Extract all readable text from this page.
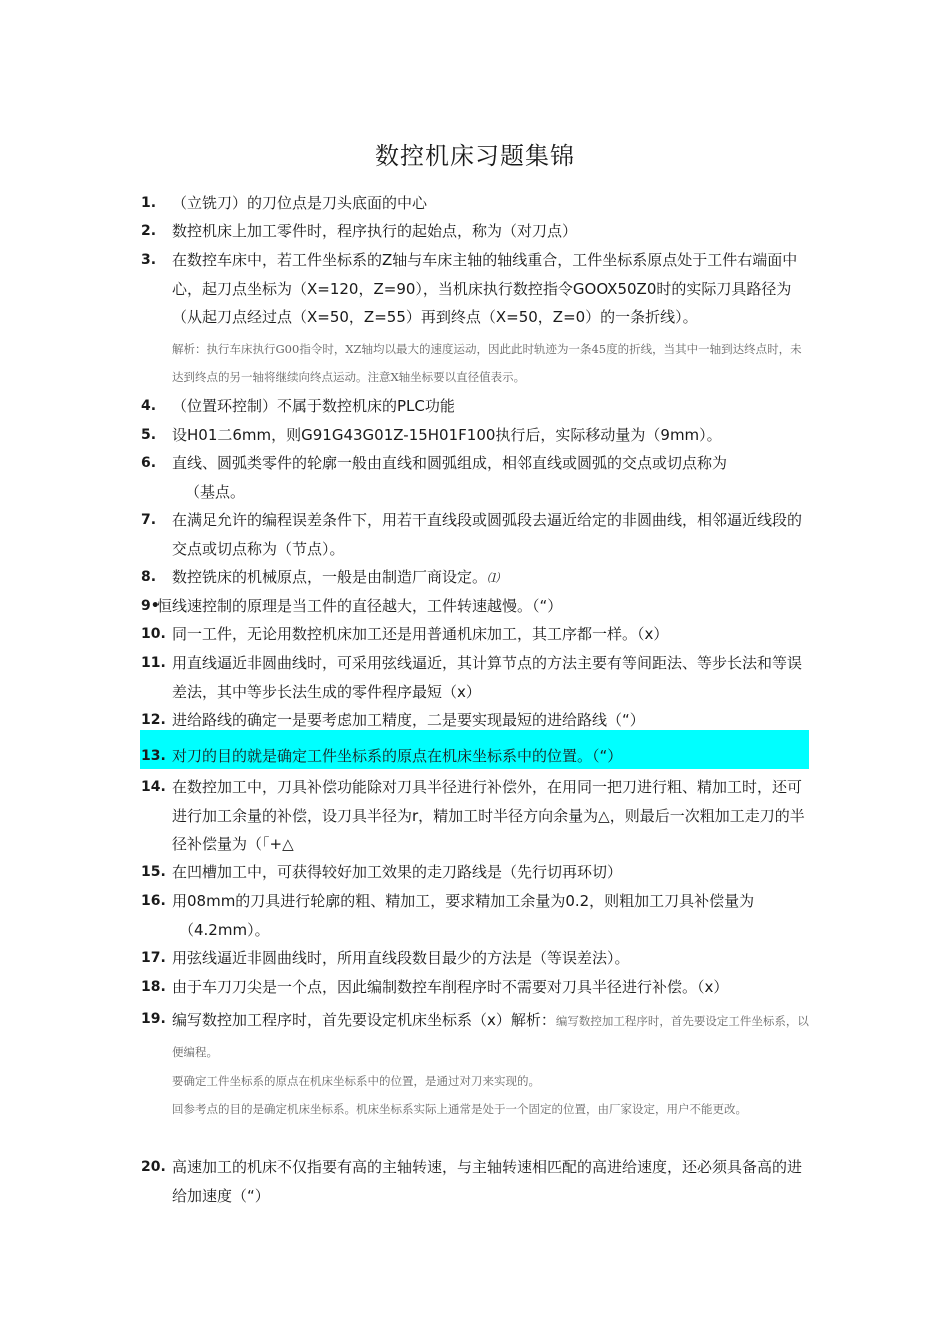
数控机床习题集锦
1. （立铣刀）的刀位点是刀头底面的中心
2. 数控机床上加工零件时，程序执行的起始点，称为（对刀点）
3. 在数控车床中，若工件坐标系的Z轴与车床主轴的轴线重合，工件坐标系原点处于工件右端面中心，起刀点坐标为（X=120，Z=90），当机床执行数控指令GOOX50Z0时的实际刀具路径为（从起刀点经过点（X=50，Z=55）再到终点（X=50，Z=0）的一条折线）。
解析：执行车床执行G00指令时，XZ轴均以最大的速度运动，因此此时轨迹为一条45度的折线，当其中一轴到达终点时，未达到终点的另一轴将继续向终点运动。注意X轴坐标要以直径值表示。
4. （位置环控制）不属于数控机床的PLC功能
5. 设H01二6mm，则G91G43G01Z-15H01F100执行后，实际移动量为（9mm）。
6. 直线、圆弧类零件的轮廓一般由直线和圆弧组成，相邻直线或圆弧的交点或切点称为
（基点。
7. 在满足允许的编程误差条件下，用若干直线段或圆弧段去逼近给定的非圆曲线，相邻逼近线段的交点或切点称为（节点）。
8. 数控铣床的机械原点，一般是由制造厂商设定。⑴
9•
恒线速控制的原理是当工件的直径越大，工件转速越慢。（“）
10. 同一工件，无论用数控机床加工还是用普通机床加工，其工序都一样。（x）
11. 用直线逼近非圆曲线时，可采用弦线逼近，其计算节点的方法主要有等间距法、等步长法和等误差法，其中等步长法生成的零件程序最短（x）
12. 进给路线的确定一是要考虑加工精度，二是要实现最短的进给路线（“）
13. 对刀的目的就是确定工件坐标系的原点在机床坐标系中的位置。（“）
14. 在数控加工中，刀具补偿功能除对刀具半径进行补偿外，在用同一把刀进行粗、精加工时，还可进行加工余量的补偿，设刀具半径为r，精加工时半径方向余量为△，则最后一次粗加工走刀的半径补偿量为（「+△
15. 在凹槽加工中，可获得较好加工效果的走刀路线是（先行切再环切）
16. 用08mm的刀具进行轮廓的粗、精加工，要求精加工余量为0.2，则粗加工刀具补偿量为
（4.2mm）。
17. 用弦线逼近非圆曲线时，所用直线段数目最少的方法是（等误差法）。
18. 由于车刀刀尖是一个点，因此编制数控车削程序时不需要对刀具半径进行补偿。（x）
19. 编写数控加工程序时，首先要设定机床坐标系（x）解析：编写数控加工程序时，首先要设定工件坐标系，以便编程。
要确定工件坐标系的原点在机床坐标系中的位置，是通过对刀来实现的。
回参考点的目的是确定机床坐标系。机床坐标系实际上通常是处于一个固定的位置，由厂家设定，用户不能更改。
20. 高速加工的机床不仅指要有高的主轴转速，与主轴转速相匹配的高进给速度，还必须具备高的进给加速度（“）
